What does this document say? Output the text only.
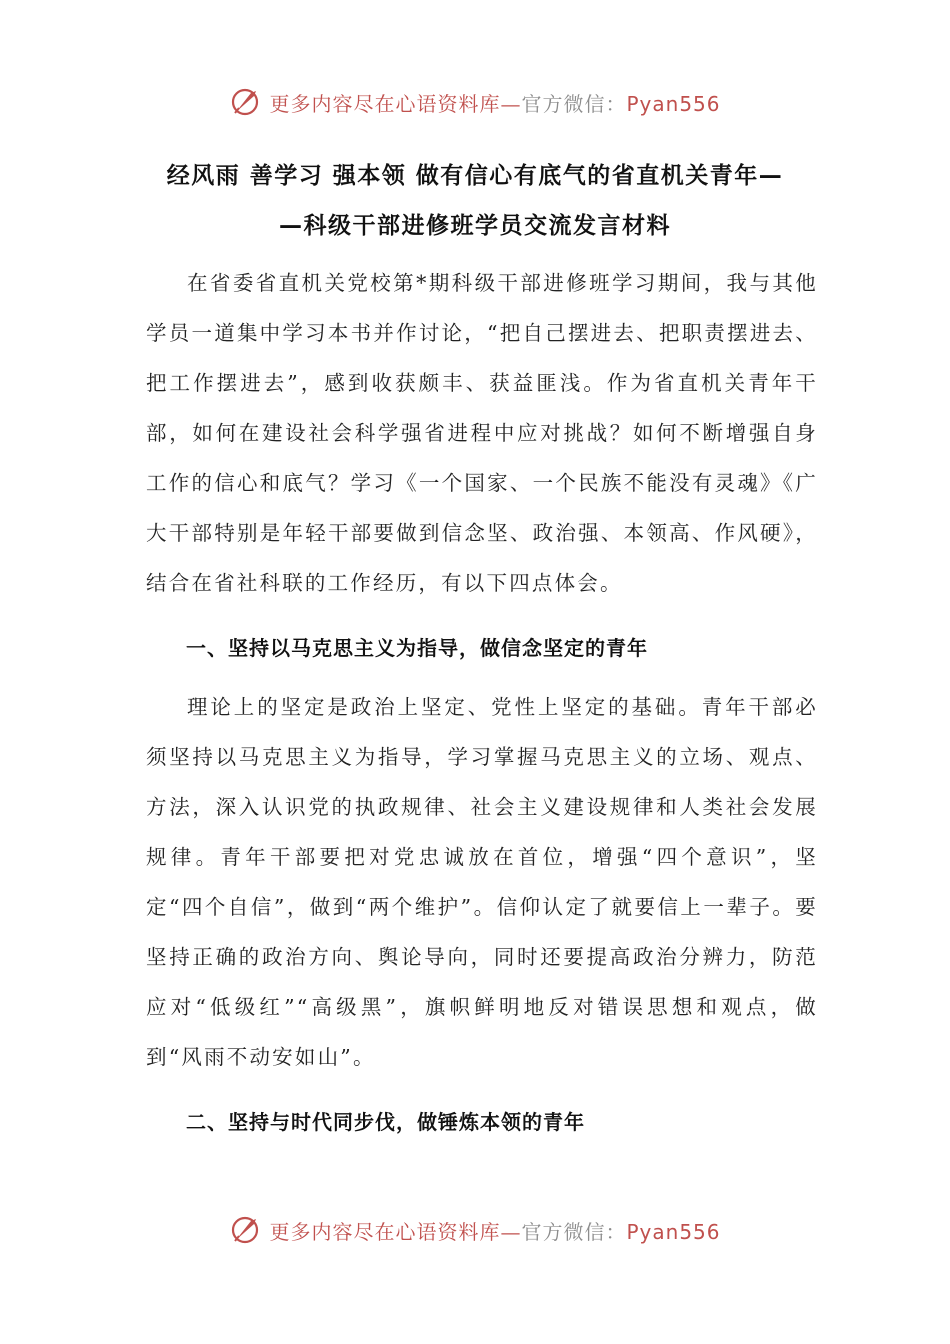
更多内容尽在心语资料库—官方微信：Pyan556
经风雨 善学习 强本领 做有信心有底气的省直机关青年—
—科级干部进修班学员交流发言材料

在省委省直机关党校第*期科级干部进修班学习期间，我与其他学员一道集中学习本书并作讨论，“把自己摆进去、把职责摆进去、把工作摆进去”，感到收获颇丰、获益匪浅。作为省直机关青年干部，如何在建设社会科学强省进程中应对挑战？如何不断增强自身工作的信心和底气？学习《一个国家、一个民族不能没有灵魂》《广大干部特别是年轻干部要做到信念坚、政治强、本领高、作风硬》，结合在省社科联的工作经历，有以下四点体会。

一、坚持以马克思主义为指导，做信念坚定的青年

理论上的坚定是政治上坚定、党性上坚定的基础。青年干部必须坚持以马克思主义为指导，学习掌握马克思主义的立场、观点、方法，深入认识党的执政规律、社会主义建设规律和人类社会发展规律。青年干部要把对党忠诚放在首位，增强“四个意识”，坚定“四个自信”，做到“两个维护”。信仰认定了就要信上一辈子。要坚持正确的政治方向、舆论导向，同时还要提高政治分辨力，防范应对“低级红”“高级黑”，旗帜鲜明地反对错误思想和观点，做到“风雨不动安如山”。

二、坚持与时代同步伐，做锤炼本领的青年
更多内容尽在心语资料库—官方微信：Pyan556
